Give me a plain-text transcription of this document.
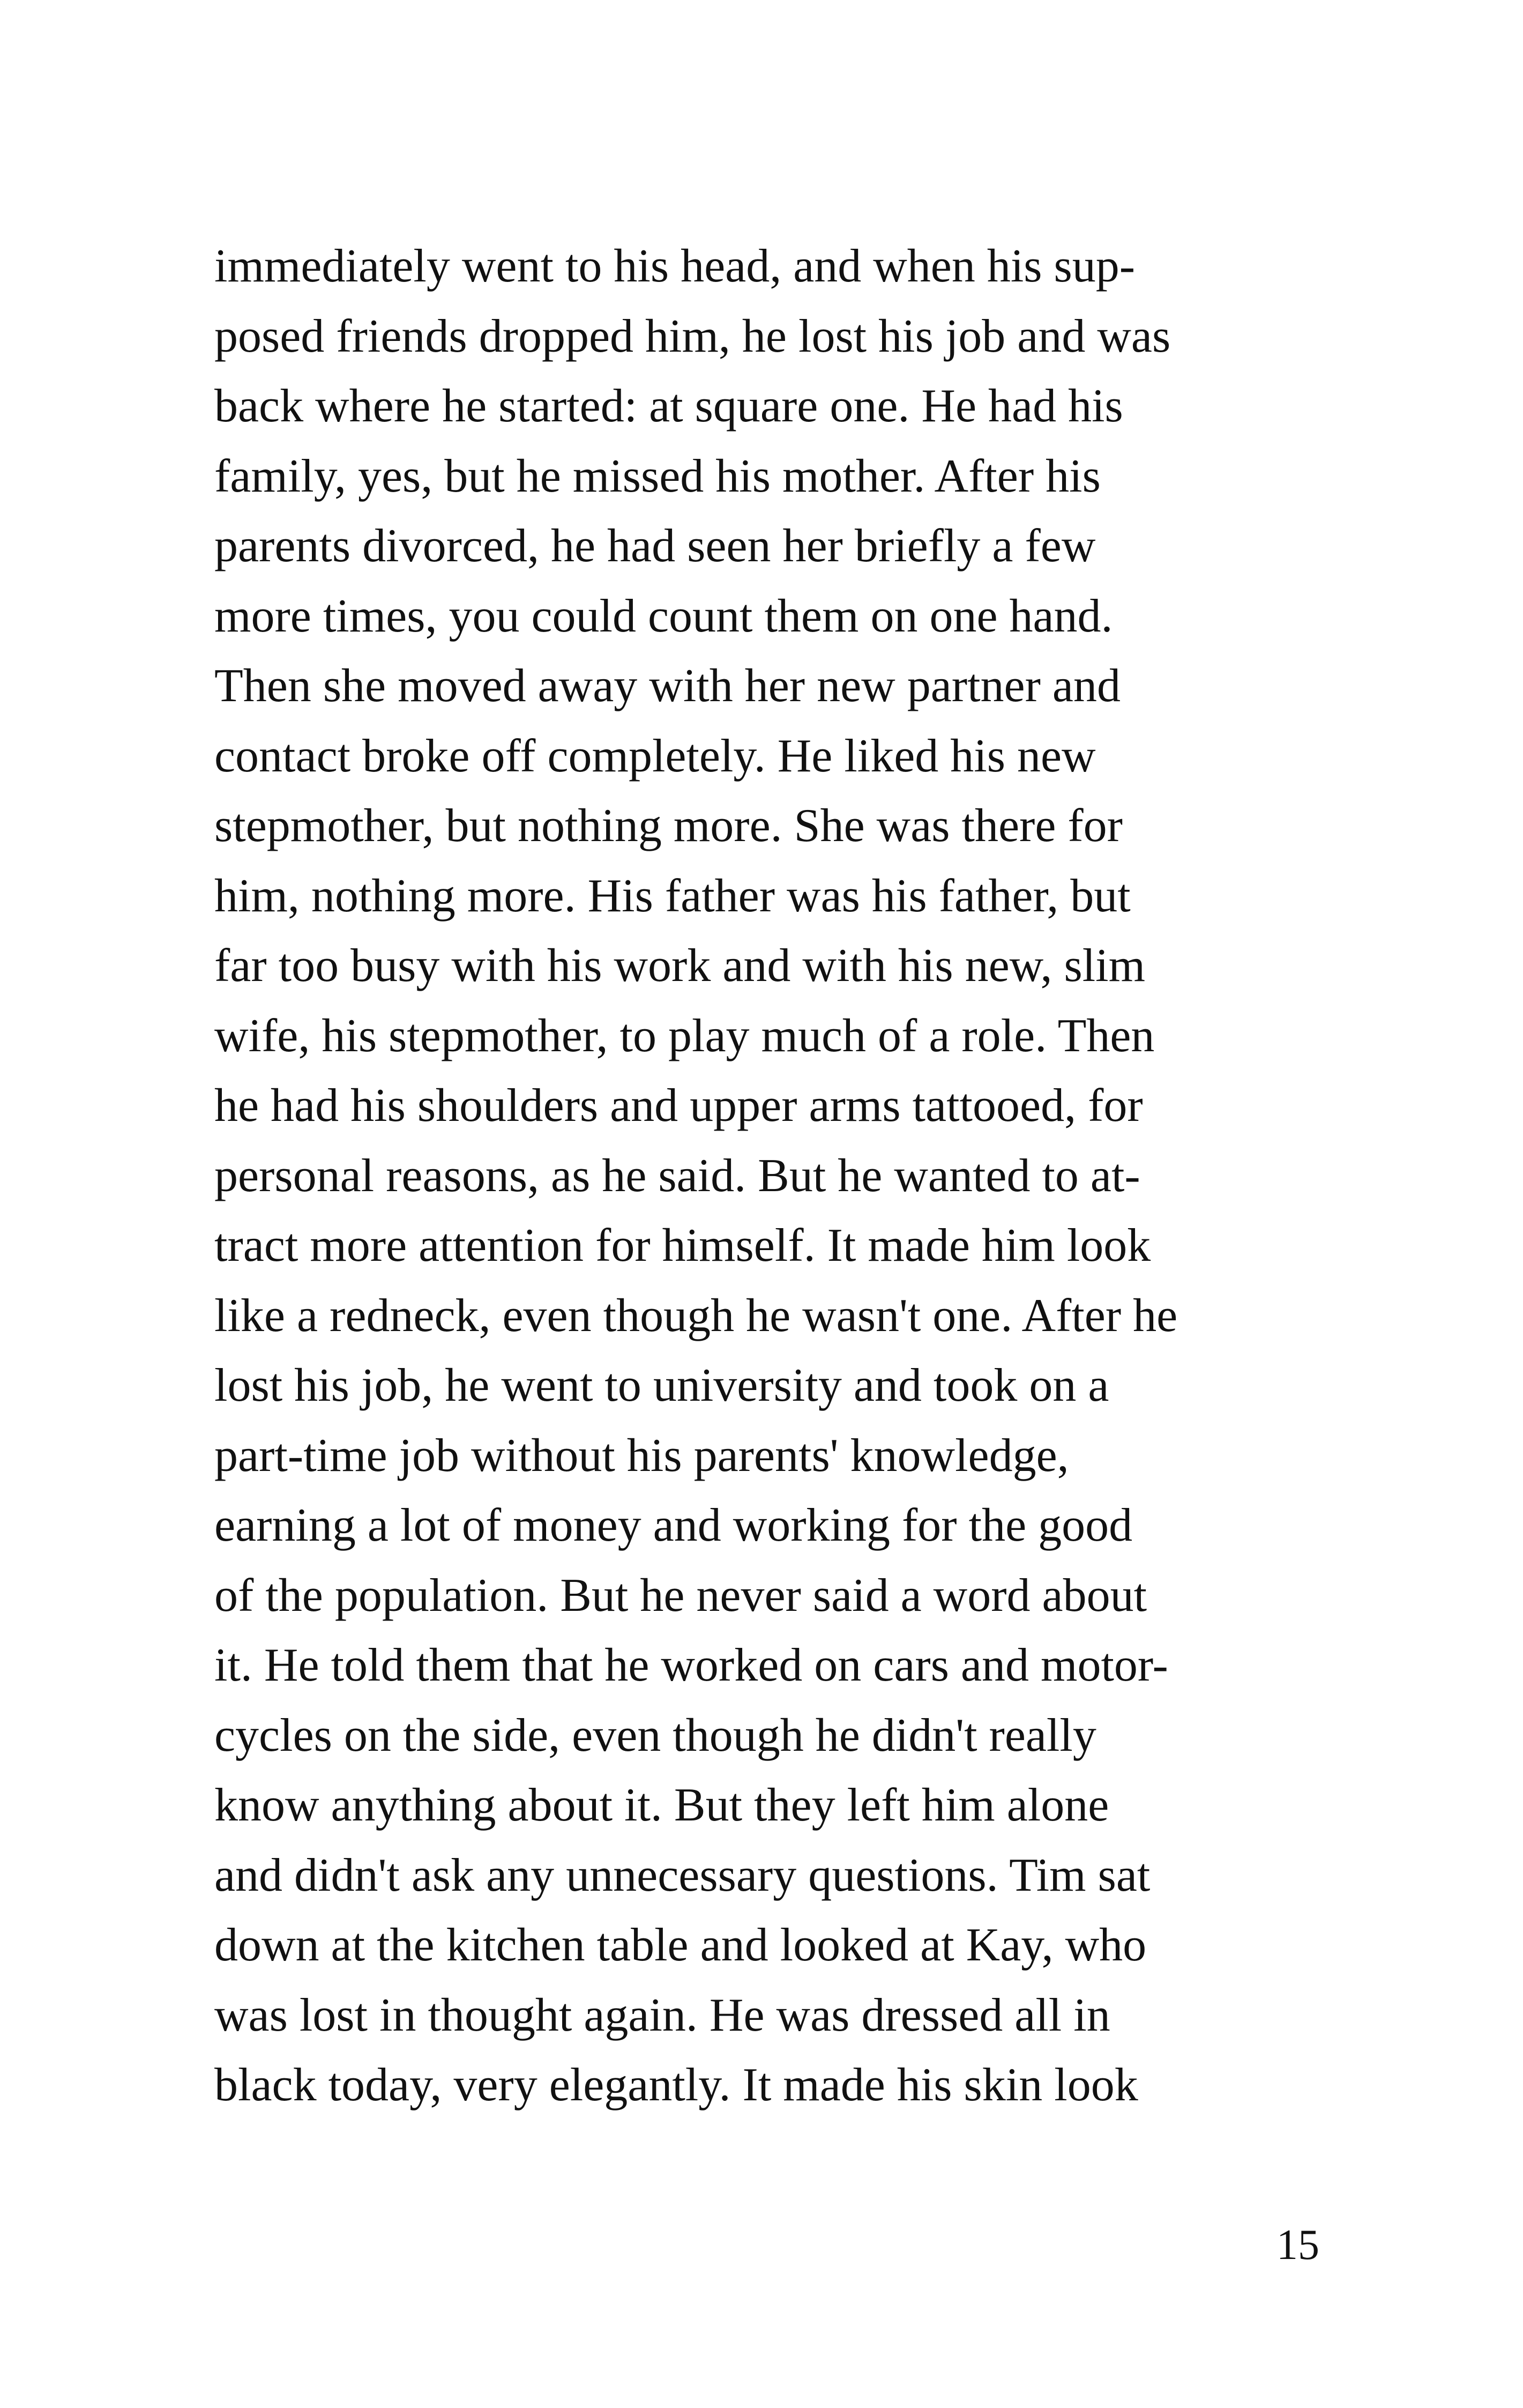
immediately went to his head, and when his sup-
posed friends dropped him, he lost his job and was
back where he started: at square one. He had his
family, yes, but he missed his mother. After his
parents divorced, he had seen her briefly a few
more times, you could count them on one hand.
Then she moved away with her new partner and
contact broke off completely. He liked his new
stepmother, but nothing more. She was there for
him, nothing more. His father was his father, but
far too busy with his work and with his new, slim
wife, his stepmother, to play much of a role. Then
he had his shoulders and upper arms tattooed, for
personal reasons, as he said. But he wanted to at-
tract more attention for himself. It made him look
like a redneck, even though he wasn't one. After he
lost his job, he went to university and took on a
part-time job without his parents' knowledge,
earning a lot of money and working for the good
of the population. But he never said a word about
it. He told them that he worked on cars and motor-
cycles on the side, even though he didn't really
know anything about it. But they left him alone
and didn't ask any unnecessary questions. Tim sat
down at the kitchen table and looked at Kay, who
was lost in thought again. He was dressed all in
black today, very elegantly. It made his skin look
15
